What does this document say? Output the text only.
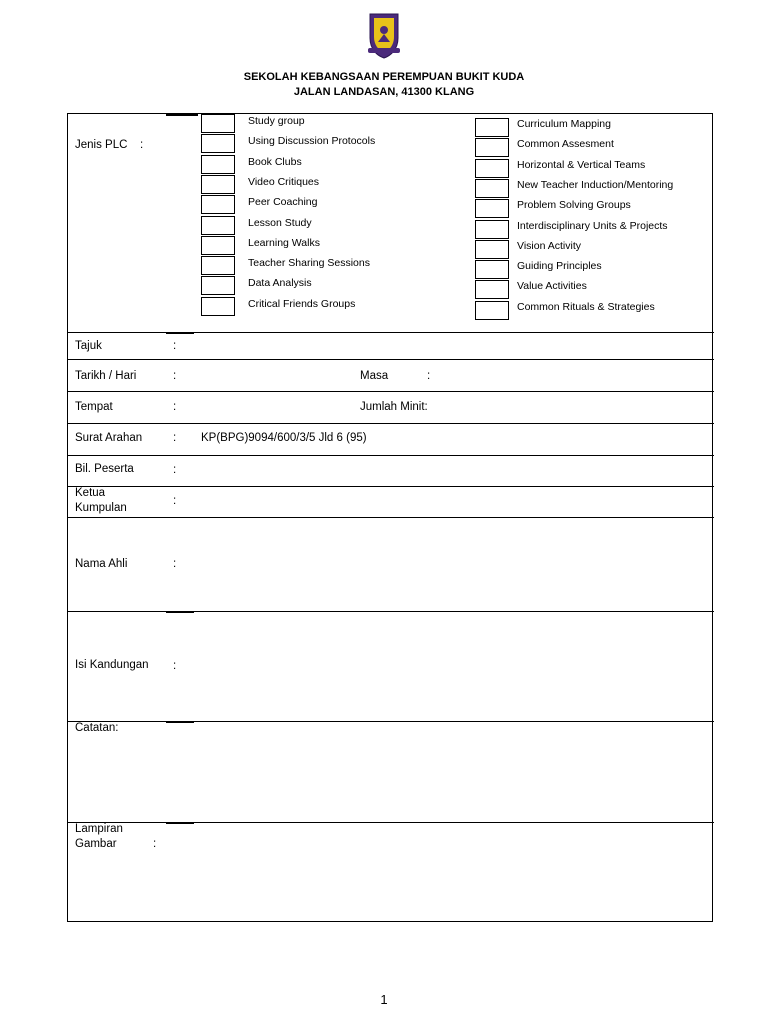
SEKOLAH KEBANGSAAN PEREMPUAN BUKIT KUDA
JALAN LANDASAN, 41300 KLANG
Jenis PLC :
Study group
Using Discussion Protocols
Book Clubs
Video Critiques
Peer Coaching
Lesson Study
Learning Walks
Teacher Sharing Sessions
Data Analysis
Critical Friends Groups
Curriculum Mapping
Common Assesment
Horizontal & Vertical Teams
New Teacher Induction/Mentoring
Problem Solving Groups
Interdisciplinary Units & Projects
Vision Activity
Guiding Principles
Value Activities
Common Rituals & Strategies
Tajuk	:
Tarikh / Hari	:	Masa	:
Tempat	:	Jumlah Minit:
Surat Arahan	: KP(BPG)9094/600/3/5 Jld 6 (95)
Bil. Peserta	:
Ketua
Kumpulan
:
Nama Ahli	:
Isi Kandungan :
Catatan:
Lampiran
Gambar	:
1
